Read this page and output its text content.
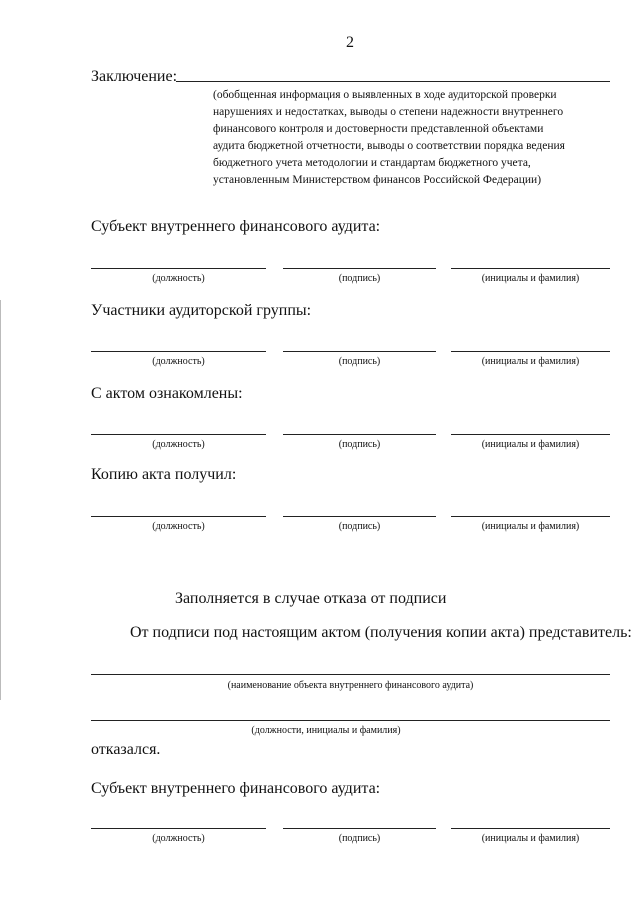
2
Заключение:
(обобщенная информация о выявленных в ходе аудиторской проверки
нарушениях и недостатках, выводы о степени надежности внутреннего
финансового контроля и достоверности представленной объектами
аудита бюджетной отчетности, выводы о соответствии порядка ведения
бюджетного учета методологии и стандартам бюджетного учета,
установленным Министерством финансов Российской Федерации)
Субъект внутреннего финансового аудита:
(должность)	(подпись)	(инициалы и фамилия)
Участники аудиторской группы:
(должность)	(подпись)	(инициалы и фамилия)
С актом ознакомлены:
(должность)	(подпись)	(инициалы и фамилия)
Копию акта получил:
(должность)	(подпись)	(инициалы и фамилия)
Заполняется в случае отказа от подписи
От подписи под настоящим актом (получения копии акта) представитель:
(наименование объекта внутреннего финансового аудита)
(должности, инициалы и фамилия)
отказался.
Субъект внутреннего финансового аудита:
(должность)	(подпись)	(инициалы и фамилия)
